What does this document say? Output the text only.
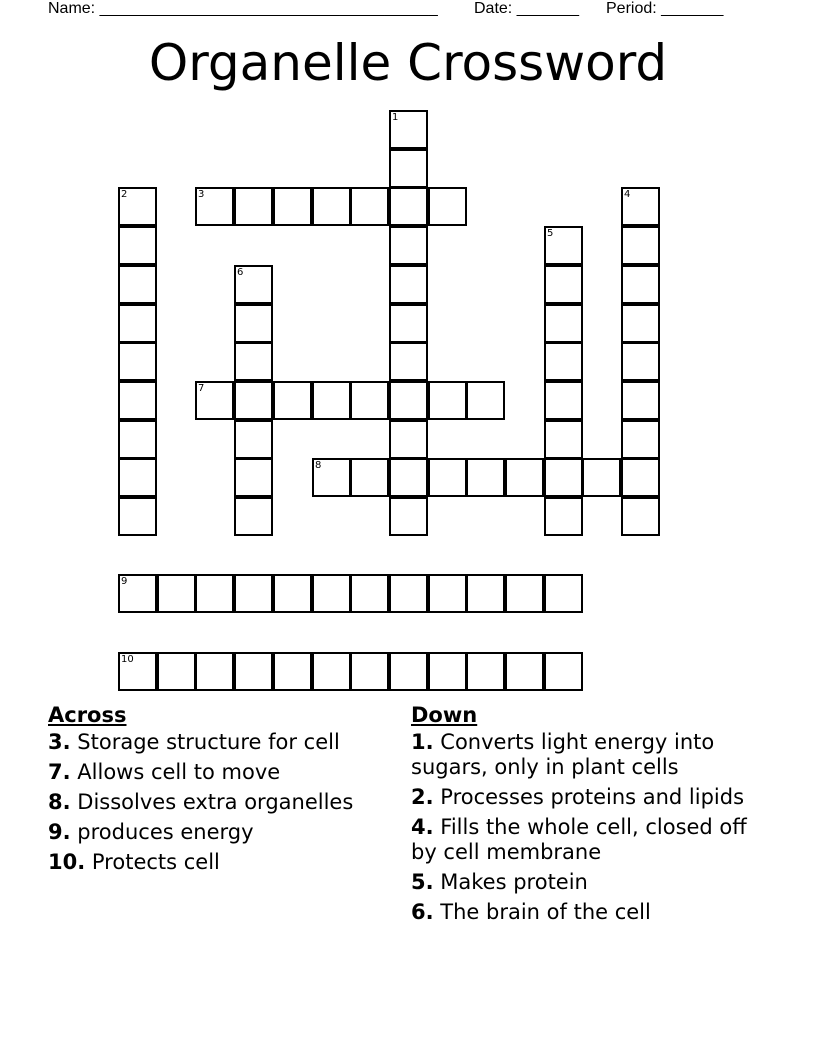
Name: ______________________________________

Date: _______

Period: _______

Organelle Crossword
1
2	3	4
5
6
7
8
9
10
Across
3. Storage structure for cell
7. Allows cell to move
8. Dissolves extra organelles
9. produces energy
10. Protects cell
Down
1. Converts light energy into sugars, only in plant cells
2. Processes proteins and lipids
4. Fills the whole cell, closed off by cell membrane
5. Makes protein
6. The brain of the cell
